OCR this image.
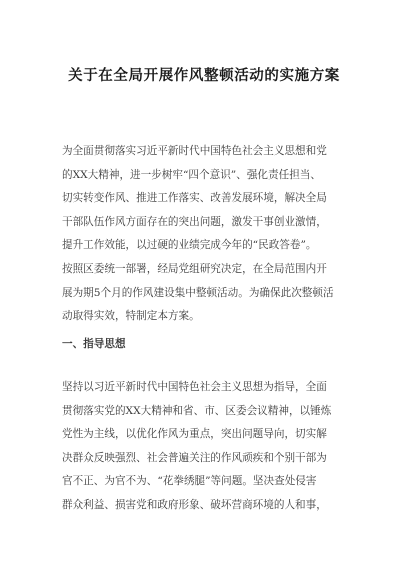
关于在全局开展作风整顿活动的实施方案

为全面贯彻落实习近平新时代中国特色社会主义思想和党
的XX大精神，进一步树牢“四个意识”、强化责任担当、
切实转变作风、推进工作落实、改善发展环境，解决全局
干部队伍作风方面存在的突出问题，激发干事创业激情，
提升工作效能，以过硬的业绩完成今年的“民政答卷”。
按照区委统一部署，经局党组研究决定，在全局范围内开
展为期5个月的作风建设集中整顿活动。为确保此次整顿活
动取得实效，特制定本方案。

一、指导思想

坚持以习近平新时代中国特色社会主义思想为指导，全面
贯彻落实党的XX大精神和省、市、区委会议精神，以锤炼
党性为主线，以优化作风为重点，突出问题导向，切实解
决群众反映强烈、社会普遍关注的作风顽疾和个别干部为
官不正、为官不为、“花拳绣腿”等问题。坚决查处侵害
群众利益、损害党和政府形象、破坏营商环境的人和事，
